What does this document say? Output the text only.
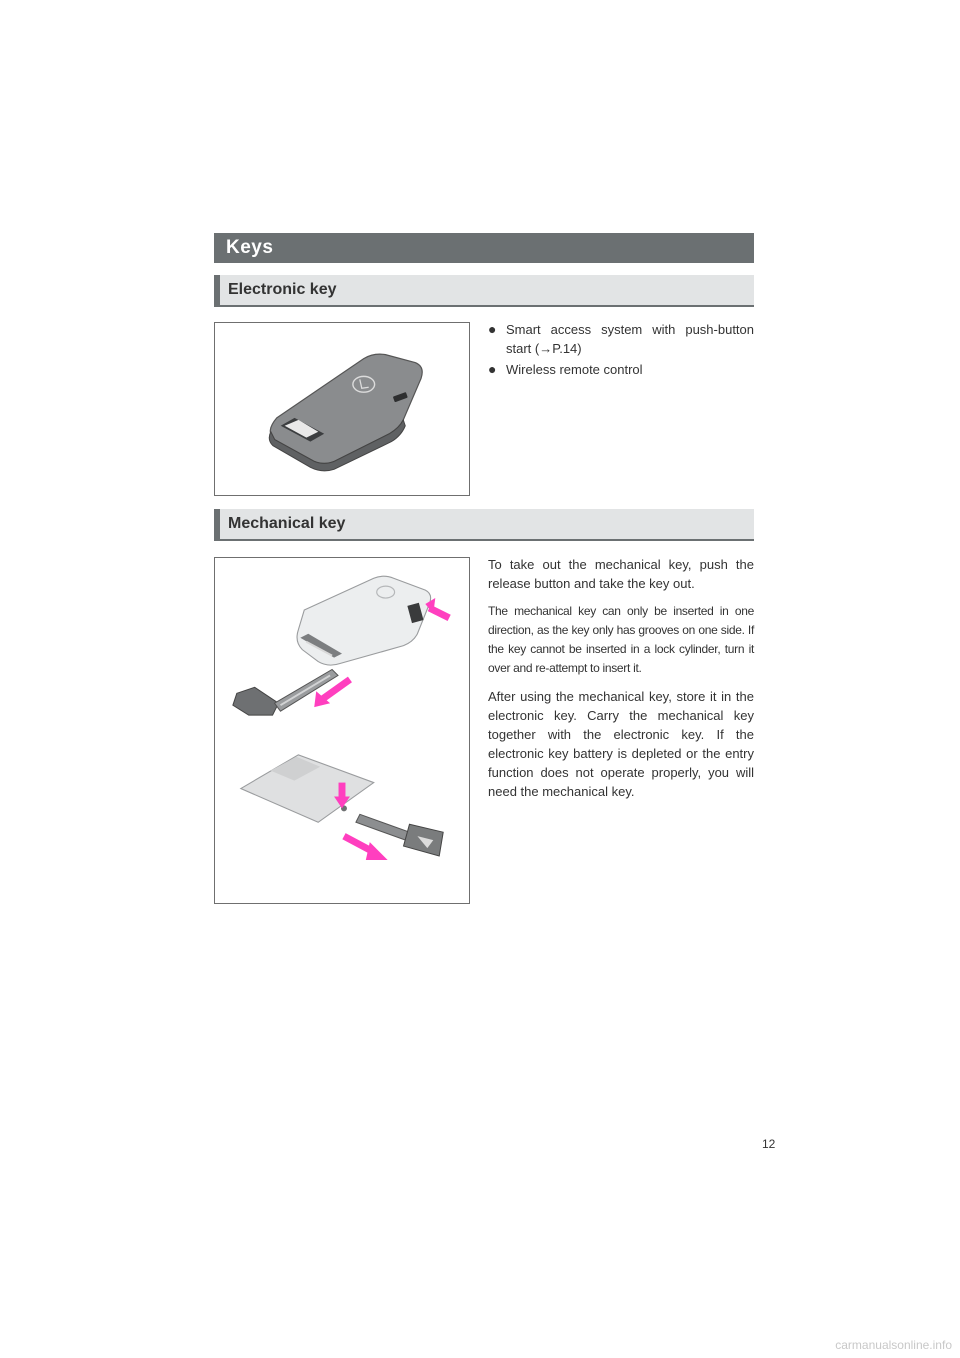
Keys
Electronic key
● Smart access system with push-button start (→P.14)
● Wireless remote control
Mechanical key

To take out the mechanical key, push the release button and take the key out.

The mechanical key can only be inserted in one direction, as the key only has grooves on one side. If the key cannot be inserted in a lock cylinder, turn it over and re-attempt to insert it.

After using the mechanical key, store it in the electronic key. Carry the mechanical key together with the electronic key. If the electronic key battery is depleted or the entry function does not operate properly, you will need the mechanical key.

12
carmanualsonline.info
